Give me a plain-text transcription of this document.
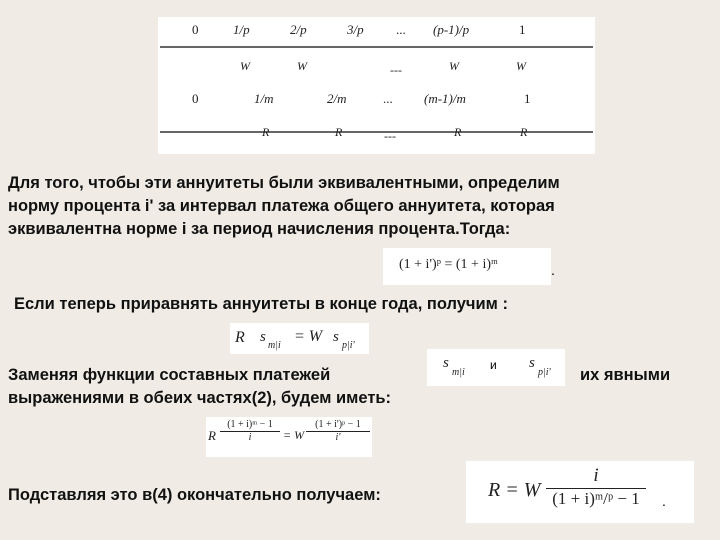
0	1/p	2/p	3/p ... (p-1)/p	1
W	W	---	W	W
0	1/m	2/m	... (m-1)/m	1
R	R	---	R	R
Для того, чтобы эти аннуитеты были эквивалентными, определим
норму процента i' за интервал платежа общего аннуитета, которая
эквивалентна норме i за период начисления процента.Тогда:
(1 + i')ᵖ = (1 + i)ᵐ	.
Если теперь приравнять аннуитеты в конце года, получим :
R s
m|i
= W s
p|i'
Заменяя функции составных платежей
s
m|i
и s
p|i' их явными
выражениями в обеих частях(2), будем иметь:
R $\frac{\text{(1 + i)ᵐ − 1}}{i} = W \frac{\text{(1 + i')ᵖ − 1}}{i'}$
Подставляя это в(4) окончательно получаем:	R = W $\frac{i}{\text{(1 + i)ᵐ/ᵖ − 1}}$ .
